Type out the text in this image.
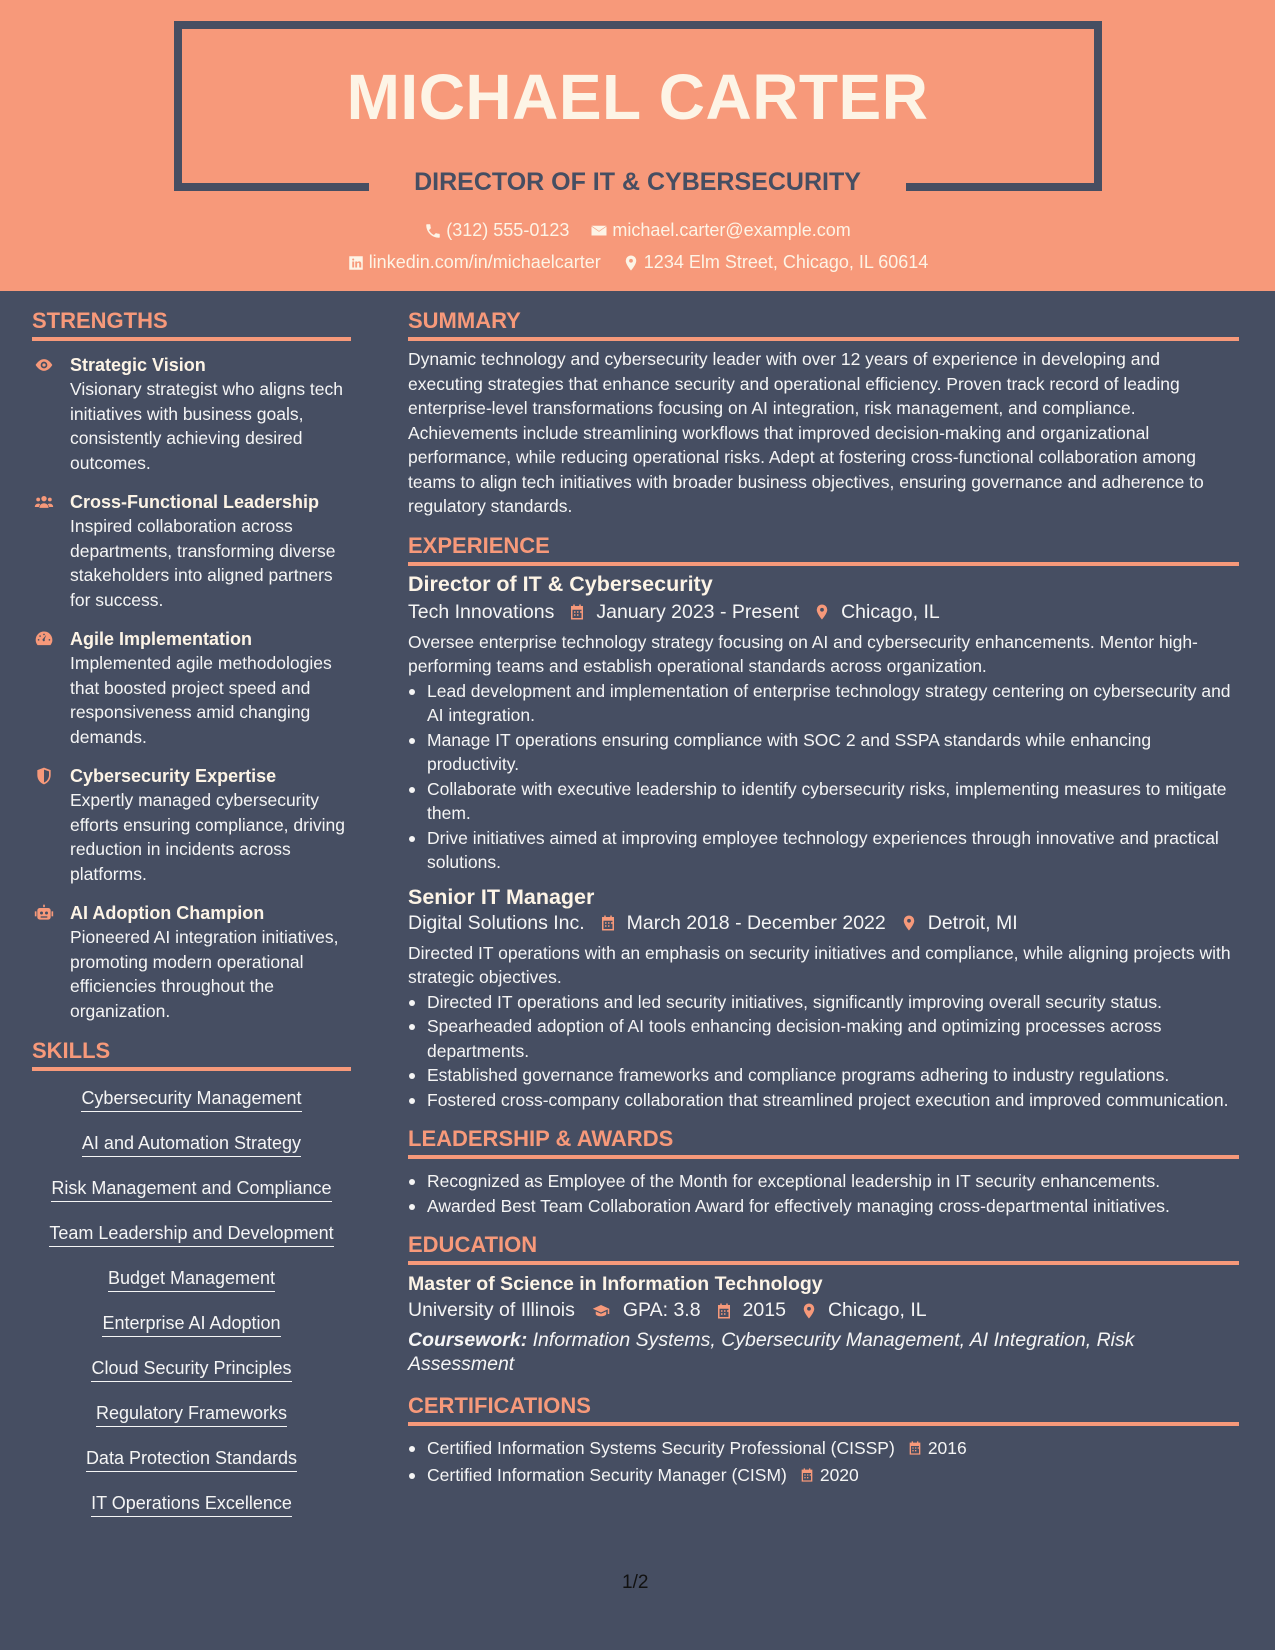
MICHAEL CARTER
DIRECTOR OF IT & CYBERSECURITY
(312) 555-0123
michael.carter@example.com
linkedin.com/in/michaelcarter
1234 Elm Street, Chicago, IL 60614
STRENGTHS
Strategic Vision
Visionary strategist who aligns tech initiatives with business goals, consistently achieving desired outcomes.
Cross-Functional Leadership
Inspired collaboration across departments, transforming diverse stakeholders into aligned partners for success.
Agile Implementation
Implemented agile methodologies that boosted project speed and responsiveness amid changing demands.
Cybersecurity Expertise
Expertly managed cybersecurity efforts ensuring compliance, driving reduction in incidents across platforms.
AI Adoption Champion
Pioneered AI integration initiatives, promoting modern operational efficiencies throughout the organization.
SKILLS
Cybersecurity Management
AI and Automation Strategy
Risk Management and Compliance
Team Leadership and Development
Budget Management
Enterprise AI Adoption
Cloud Security Principles
Regulatory Frameworks
Data Protection Standards
IT Operations Excellence
SUMMARY
Dynamic technology and cybersecurity leader with over 12 years of experience in developing and executing strategies that enhance security and operational efficiency. Proven track record of leading enterprise-level transformations focusing on AI integration, risk management, and compliance. Achievements include streamlining workflows that improved decision-making and organizational performance, while reducing operational risks. Adept at fostering cross-functional collaboration among teams to align tech initiatives with broader business objectives, ensuring governance and adherence to regulatory standards.
EXPERIENCE
Director of IT & Cybersecurity
Tech Innovations January 2023 - Present Chicago, IL
Oversee enterprise technology strategy focusing on AI and cybersecurity enhancements. Mentor high-performing teams and establish operational standards across organization.
Lead development and implementation of enterprise technology strategy centering on cybersecurity and AI integration.
Manage IT operations ensuring compliance with SOC 2 and SSPA standards while enhancing productivity.
Collaborate with executive leadership to identify cybersecurity risks, implementing measures to mitigate them.
Drive initiatives aimed at improving employee technology experiences through innovative and practical solutions.
Senior IT Manager
Digital Solutions Inc. March 2018 - December 2022 Detroit, MI
Directed IT operations with an emphasis on security initiatives and compliance, while aligning projects with strategic objectives.
Directed IT operations and led security initiatives, significantly improving overall security status.
Spearheaded adoption of AI tools enhancing decision-making and optimizing processes across departments.
Established governance frameworks and compliance programs adhering to industry regulations.
Fostered cross-company collaboration that streamlined project execution and improved communication.
LEADERSHIP & AWARDS
Recognized as Employee of the Month for exceptional leadership in IT security enhancements.
Awarded Best Team Collaboration Award for effectively managing cross-departmental initiatives.
EDUCATION
Master of Science in Information Technology
University of Illinois GPA: 3.8 2015 Chicago, IL
Coursework: Information Systems, Cybersecurity Management, AI Integration, Risk Assessment
CERTIFICATIONS
Certified Information Systems Security Professional (CISSP) 2016
Certified Information Security Manager (CISM) 2020
1/2
